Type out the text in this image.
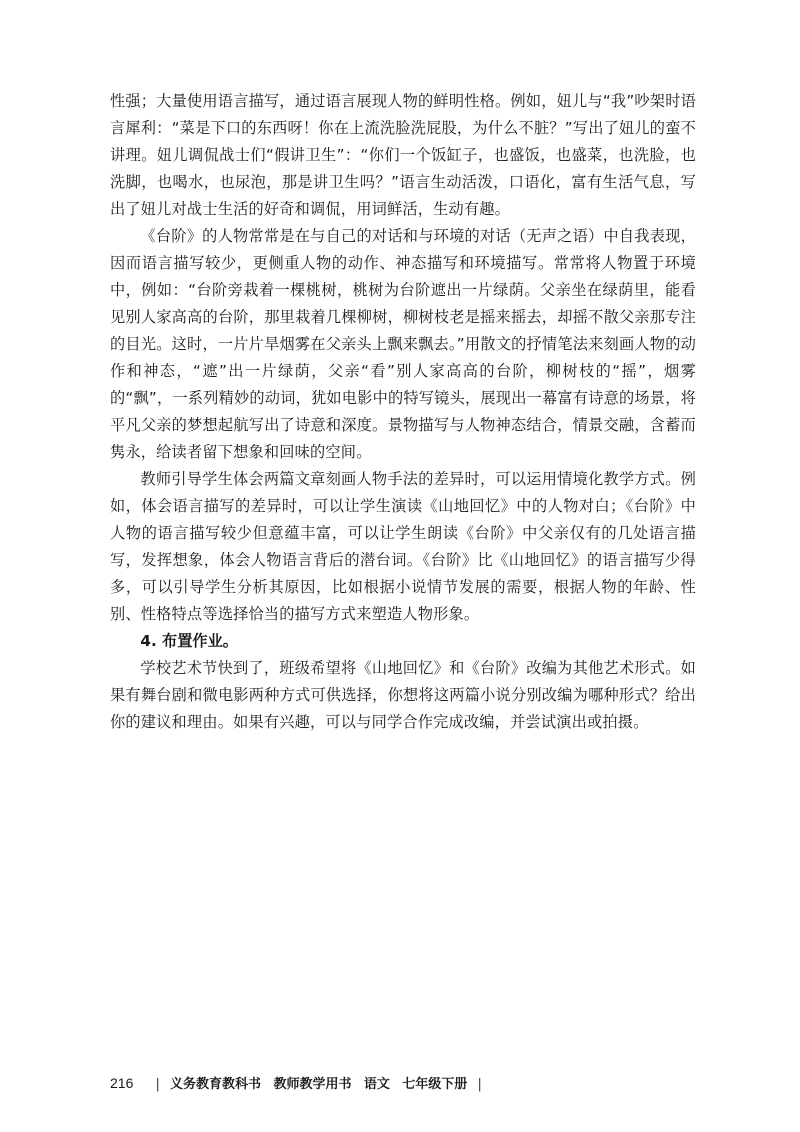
性强；大量使用语言描写，通过语言展现人物的鲜明性格。例如，妞儿与“我”吵架时语言犀利：“菜是下口的东西呀！你在上流洗脸洗屁股，为什么不脏？”写出了妞儿的蛮不讲理。妞儿调侃战士们“假讲卫生”：“你们一个饭缸子，也盛饭，也盛菜，也洗脸，也洗脚，也喝水，也尿泡，那是讲卫生吗？”语言生动活泼，口语化，富有生活气息，写出了妞儿对战士生活的好奇和调侃，用词鲜活，生动有趣。

《台阶》的人物常常是在与自己的对话和与环境的对话（无声之语）中自我表现，因而语言描写较少，更侧重人物的动作、神态描写和环境描写。常常将人物置于环境中，例如：“台阶旁栽着一棵桃树，桃树为台阶遮出一片绿荫。父亲坐在绿荫里，能看见别人家高高的台阶，那里栽着几棵柳树，柳树枝老是摇来摇去，却摇不散父亲那专注的目光。这时，一片片旱烟雾在父亲头上飘来飘去。”用散文的抒情笔法来刻画人物的动作和神态，“遮”出一片绿荫，父亲“看”别人家高高的台阶，柳树枝的“摇”，烟雾的“飘”，一系列精妙的动词，犹如电影中的特写镜头，展现出一幕富有诗意的场景，将平凡父亲的梦想起航写出了诗意和深度。景物描写与人物神态结合，情景交融，含蓄而隽永，给读者留下想象和回味的空间。

教师引导学生体会两篇文章刻画人物手法的差异时，可以运用情境化教学方式。例如，体会语言描写的差异时，可以让学生演读《山地回忆》中的人物对白；《台阶》中人物的语言描写较少但意蕴丰富，可以让学生朗读《台阶》中父亲仅有的几处语言描写，发挥想象，体会人物语言背后的潜台词。《台阶》比《山地回忆》的语言描写少得多，可以引导学生分析其原因，比如根据小说情节发展的需要，根据人物的年龄、性别、性格特点等选择恰当的描写方式来塑造人物形象。

4. 布置作业。

学校艺术节快到了，班级希望将《山地回忆》和《台阶》改编为其他艺术形式。如果有舞台剧和微电影两种方式可供选择，你想将这两篇小说分别改编为哪种形式？给出你的建议和理由。如果有兴趣，可以与同学合作完成改编，并尝试演出或拍摄。

216 | 义务教育教科书 教师教学用书 语文 七年级下册 |
